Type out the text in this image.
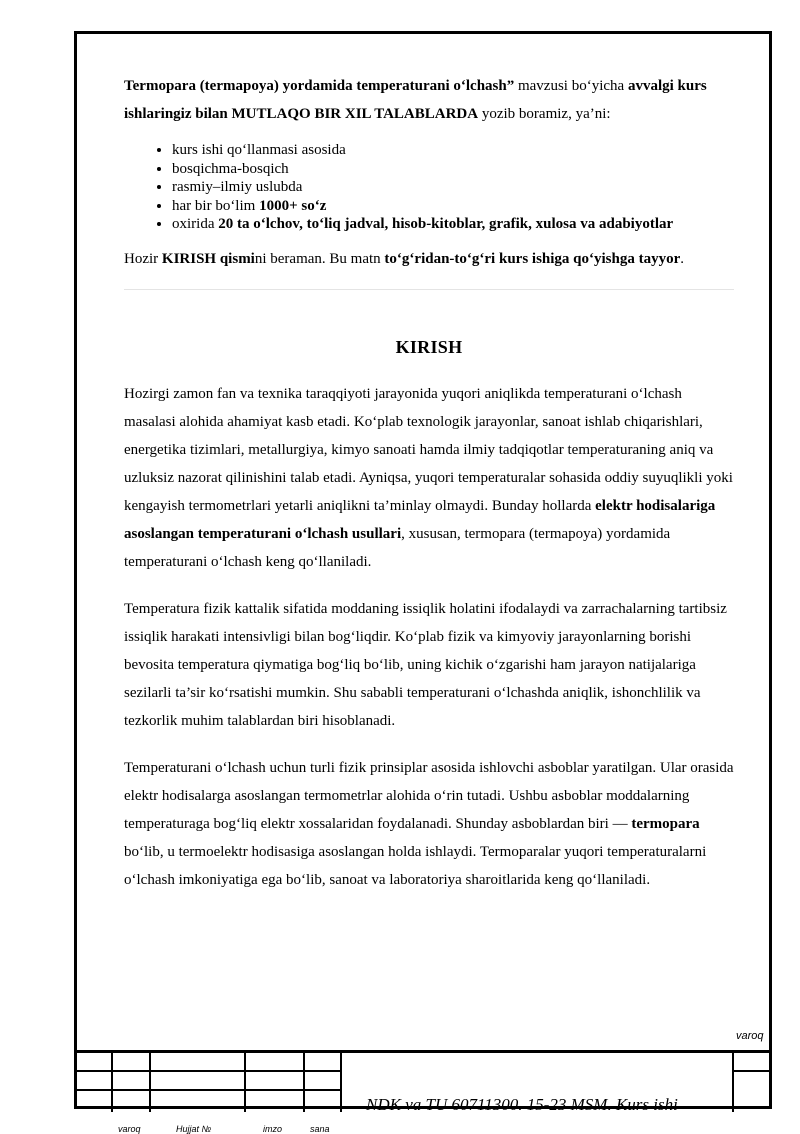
Termopara (termapoya) yordamida temperaturani o‘lchash” mavzusi bo‘yicha avvalgi kurs ishlaringiz bilan MUTLAQO BIR XIL TALABLARDA yozib boramiz, ya’ni:

• kurs ishi qo‘llanmasi asosida
• bosqichma-bosqich
• rasmiy–ilmiy uslubda
• har bir bo‘lim 1000+ so‘z
• oxirida 20 ta o‘lchov, to‘liq jadval, hisob-kitoblar, grafik, xulosa va adabiyotlar

Hozir KIRISH qismini beraman. Bu matn to‘g‘ridan-to‘g‘ri kurs ishiga qo‘yishga tayyor.

KIRISH

Hozirgi zamon fan va texnika taraqqiyoti jarayonida yuqori aniqlikda temperaturani o‘lchash masalasi alohida ahamiyat kasb etadi. Ko‘plab texnologik jarayonlar, sanoat ishlab chiqarishlari, energetika tizimlari, metallurgiya, kimyo sanoati hamda ilmiy tadqiqotlar temperaturaning aniq va uzluksiz nazorat qilinishini talab etadi. Ayniqsa, yuqori temperaturalar sohasida oddiy suyuqlikli yoki kengayish termometrlari yetarli aniqlikni ta’minlay olmaydi. Bunday hollarda elektr hodisalariga asoslangan temperaturani o‘lchash usullari, xususan, termopara (termapoya) yordamida temperaturani o‘lchash keng qo‘llaniladi.

Temperatura fizik kattalik sifatida moddaning issiqlik holatini ifodalaydi va zarrachalarning tartibsiz issiqlik harakati intensivligi bilan bog‘liqdir. Ko‘plab fizik va kimyoviy jarayonlarning borishi bevosita temperatura qiymatiga bog‘liq bo‘lib, uning kichik o‘zgarishi ham jarayon natijalariga sezilarli ta’sir ko‘rsatishi mumkin. Shu sababli temperaturani o‘lchashda aniqlik, ishonchlilik va tezkorlik muhim talablardan biri hisoblanadi.

Temperaturani o‘lchash uchun turli fizik prinsiplar asosida ishlovchi asboblar yaratilgan. Ular orasida elektr hodisalarga asoslangan termometrlar alohida o‘rin tutadi. Ushbu asboblar moddalarning temperaturaga bog‘liq elektr xossalaridan foydalanadi. Shunday asboblardan biri — termopara bo‘lib, u termoelektr hodisasiga asoslangan holda ishlaydi. Termoparalar yuqori temperaturalarni o‘lchash imkoniyatiga ega bo‘lib, sanoat va laboratoriya sharoitlarida keng qo‘llaniladi.

varoq
NDK va TU 60711300. 15-23 MSM. Kurs ishi
varoq	Hujjat №	imzo	sana
